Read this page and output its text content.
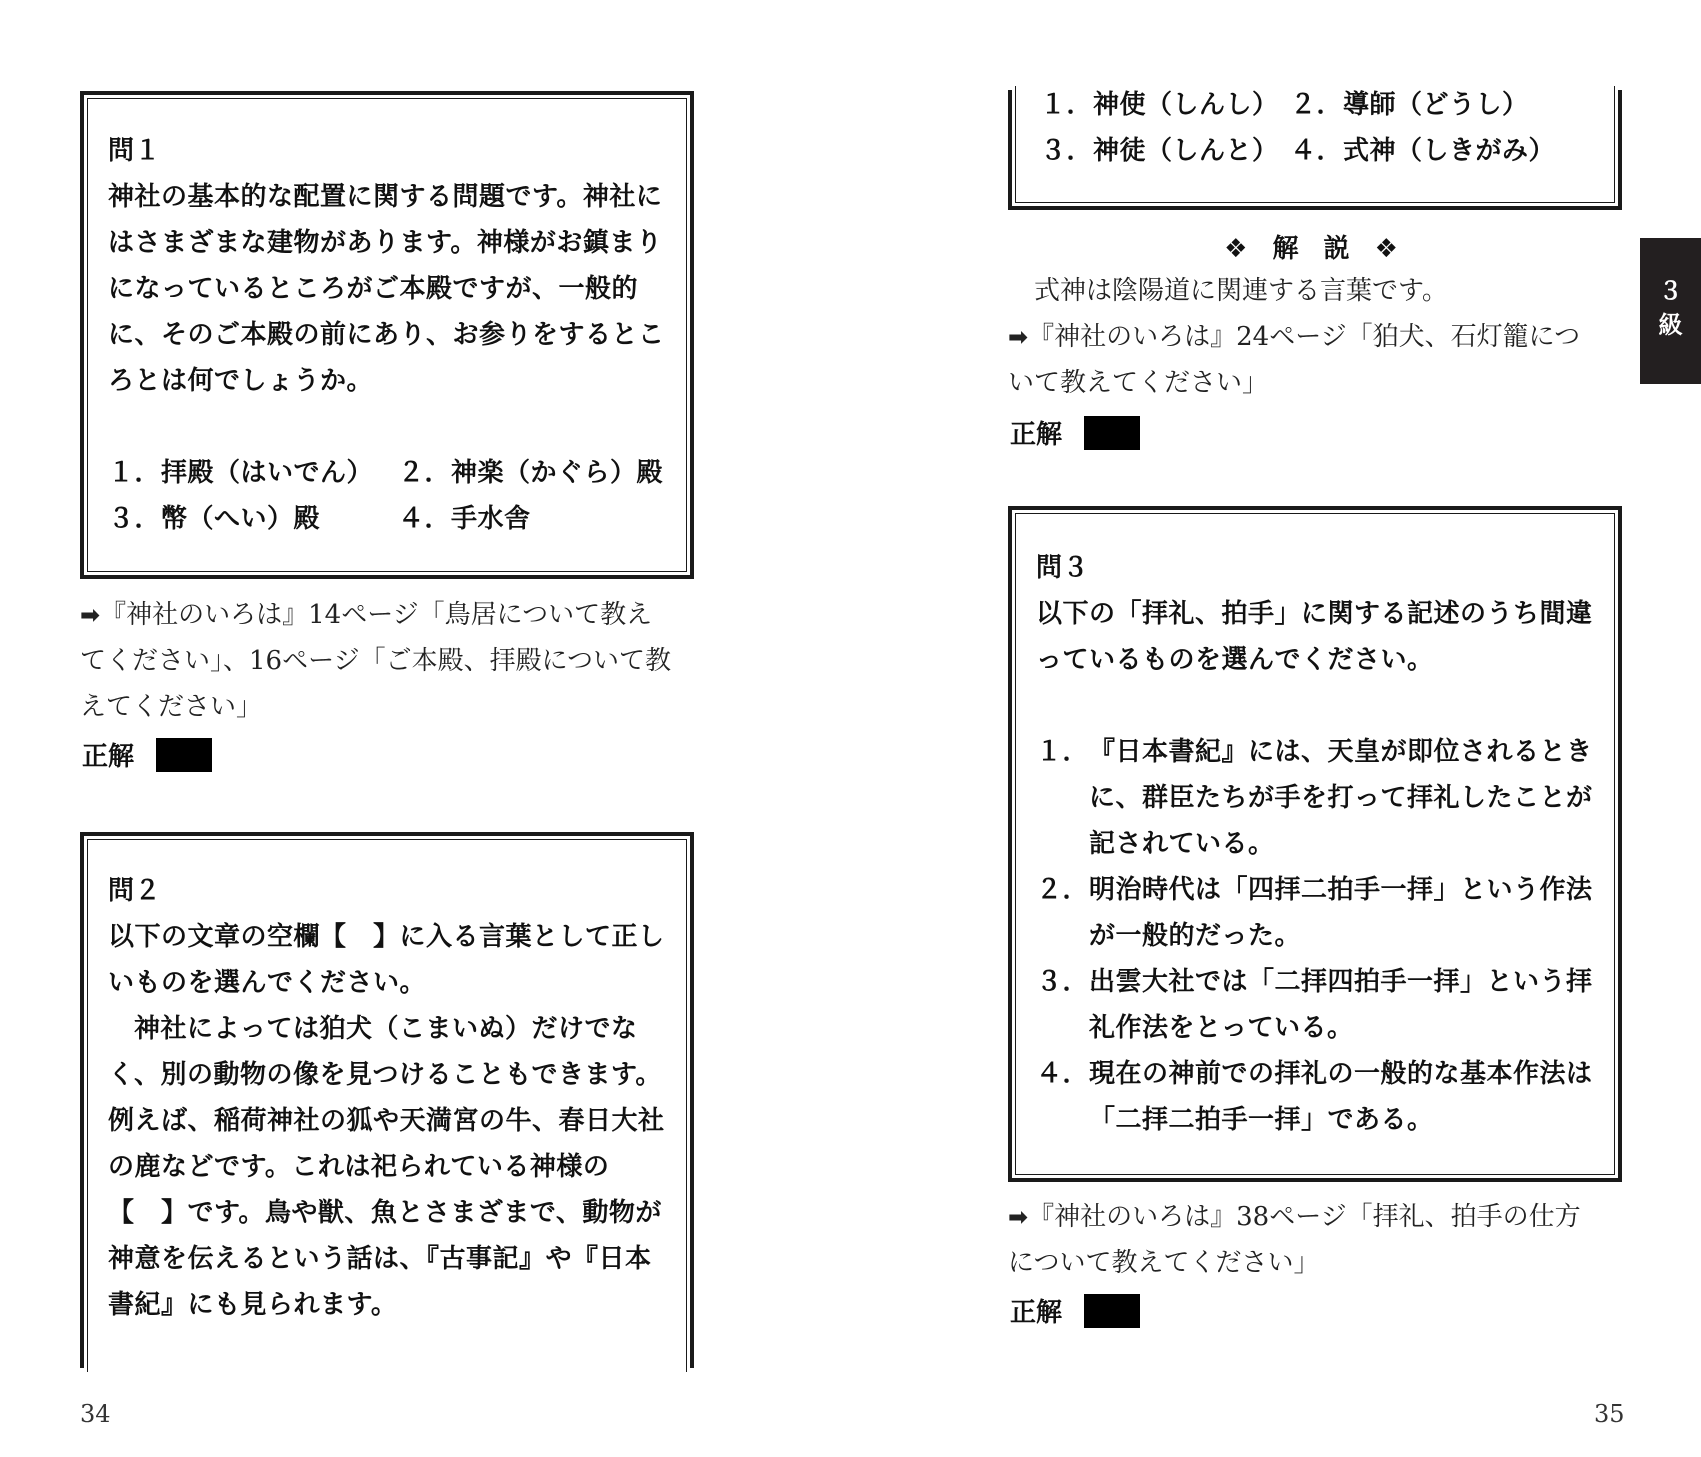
問１

神社の基本的な配置に関する問題です。神社にはさまざまな建物があります。神様がお鎮まりになっているところがご本殿ですが、一般的に、そのご本殿の前にあり、お参りをするところとは何でしょうか。

１．拝殿（はいでん） ２．神楽（かぐら）殿
３．幣（へい）殿	４．手水舎
➡『神社のいろは』14ページ「鳥居について教え
てください」、16ページ「ご本殿、拝殿について教
えてください」
正解

問２

以下の文章の空欄【　】に入る言葉として正しいものを選んでください。

神社によっては狛犬（こまいぬ）だけでなく、別の動物の像を見つけることもできます。例えば、稲荷神社の狐や天満宮の牛、春日大社の鹿などです。これは祀られている神様の【　】です。鳥や獣、魚とさまざまで、動物が神意を伝えるという話は、『古事記』や『日本書紀』にも見られます。

34
１．神使（しんし） ２．導師（どうし）
３．神徒（しんと） ４．式神（しきがみ）
❖ 解 説 ❖
式神は陰陽道に関連する言葉です。
➡『神社のいろは』24ページ「狛犬、石灯籠につ
いて教えてください」
正解

問３

以下の「拝礼、拍手」に関する記述のうち間違っているものを選んでください。

１． 『日本書紀』には、天皇が即位されるときに、群臣たちが手を打って拝礼したことが記されている。
２． 明治時代は「四拝二拍手一拝」という作法が一般的だった。
３． 出雲大社では「二拝四拍手一拝」という拝礼作法をとっている。
４． 現在の神前での拝礼の一般的な基本作法は「二拝二拍手一拝」である。
➡『神社のいろは』38ページ「拝礼、拍手の仕方
について教えてください」
正解
３
級
35
